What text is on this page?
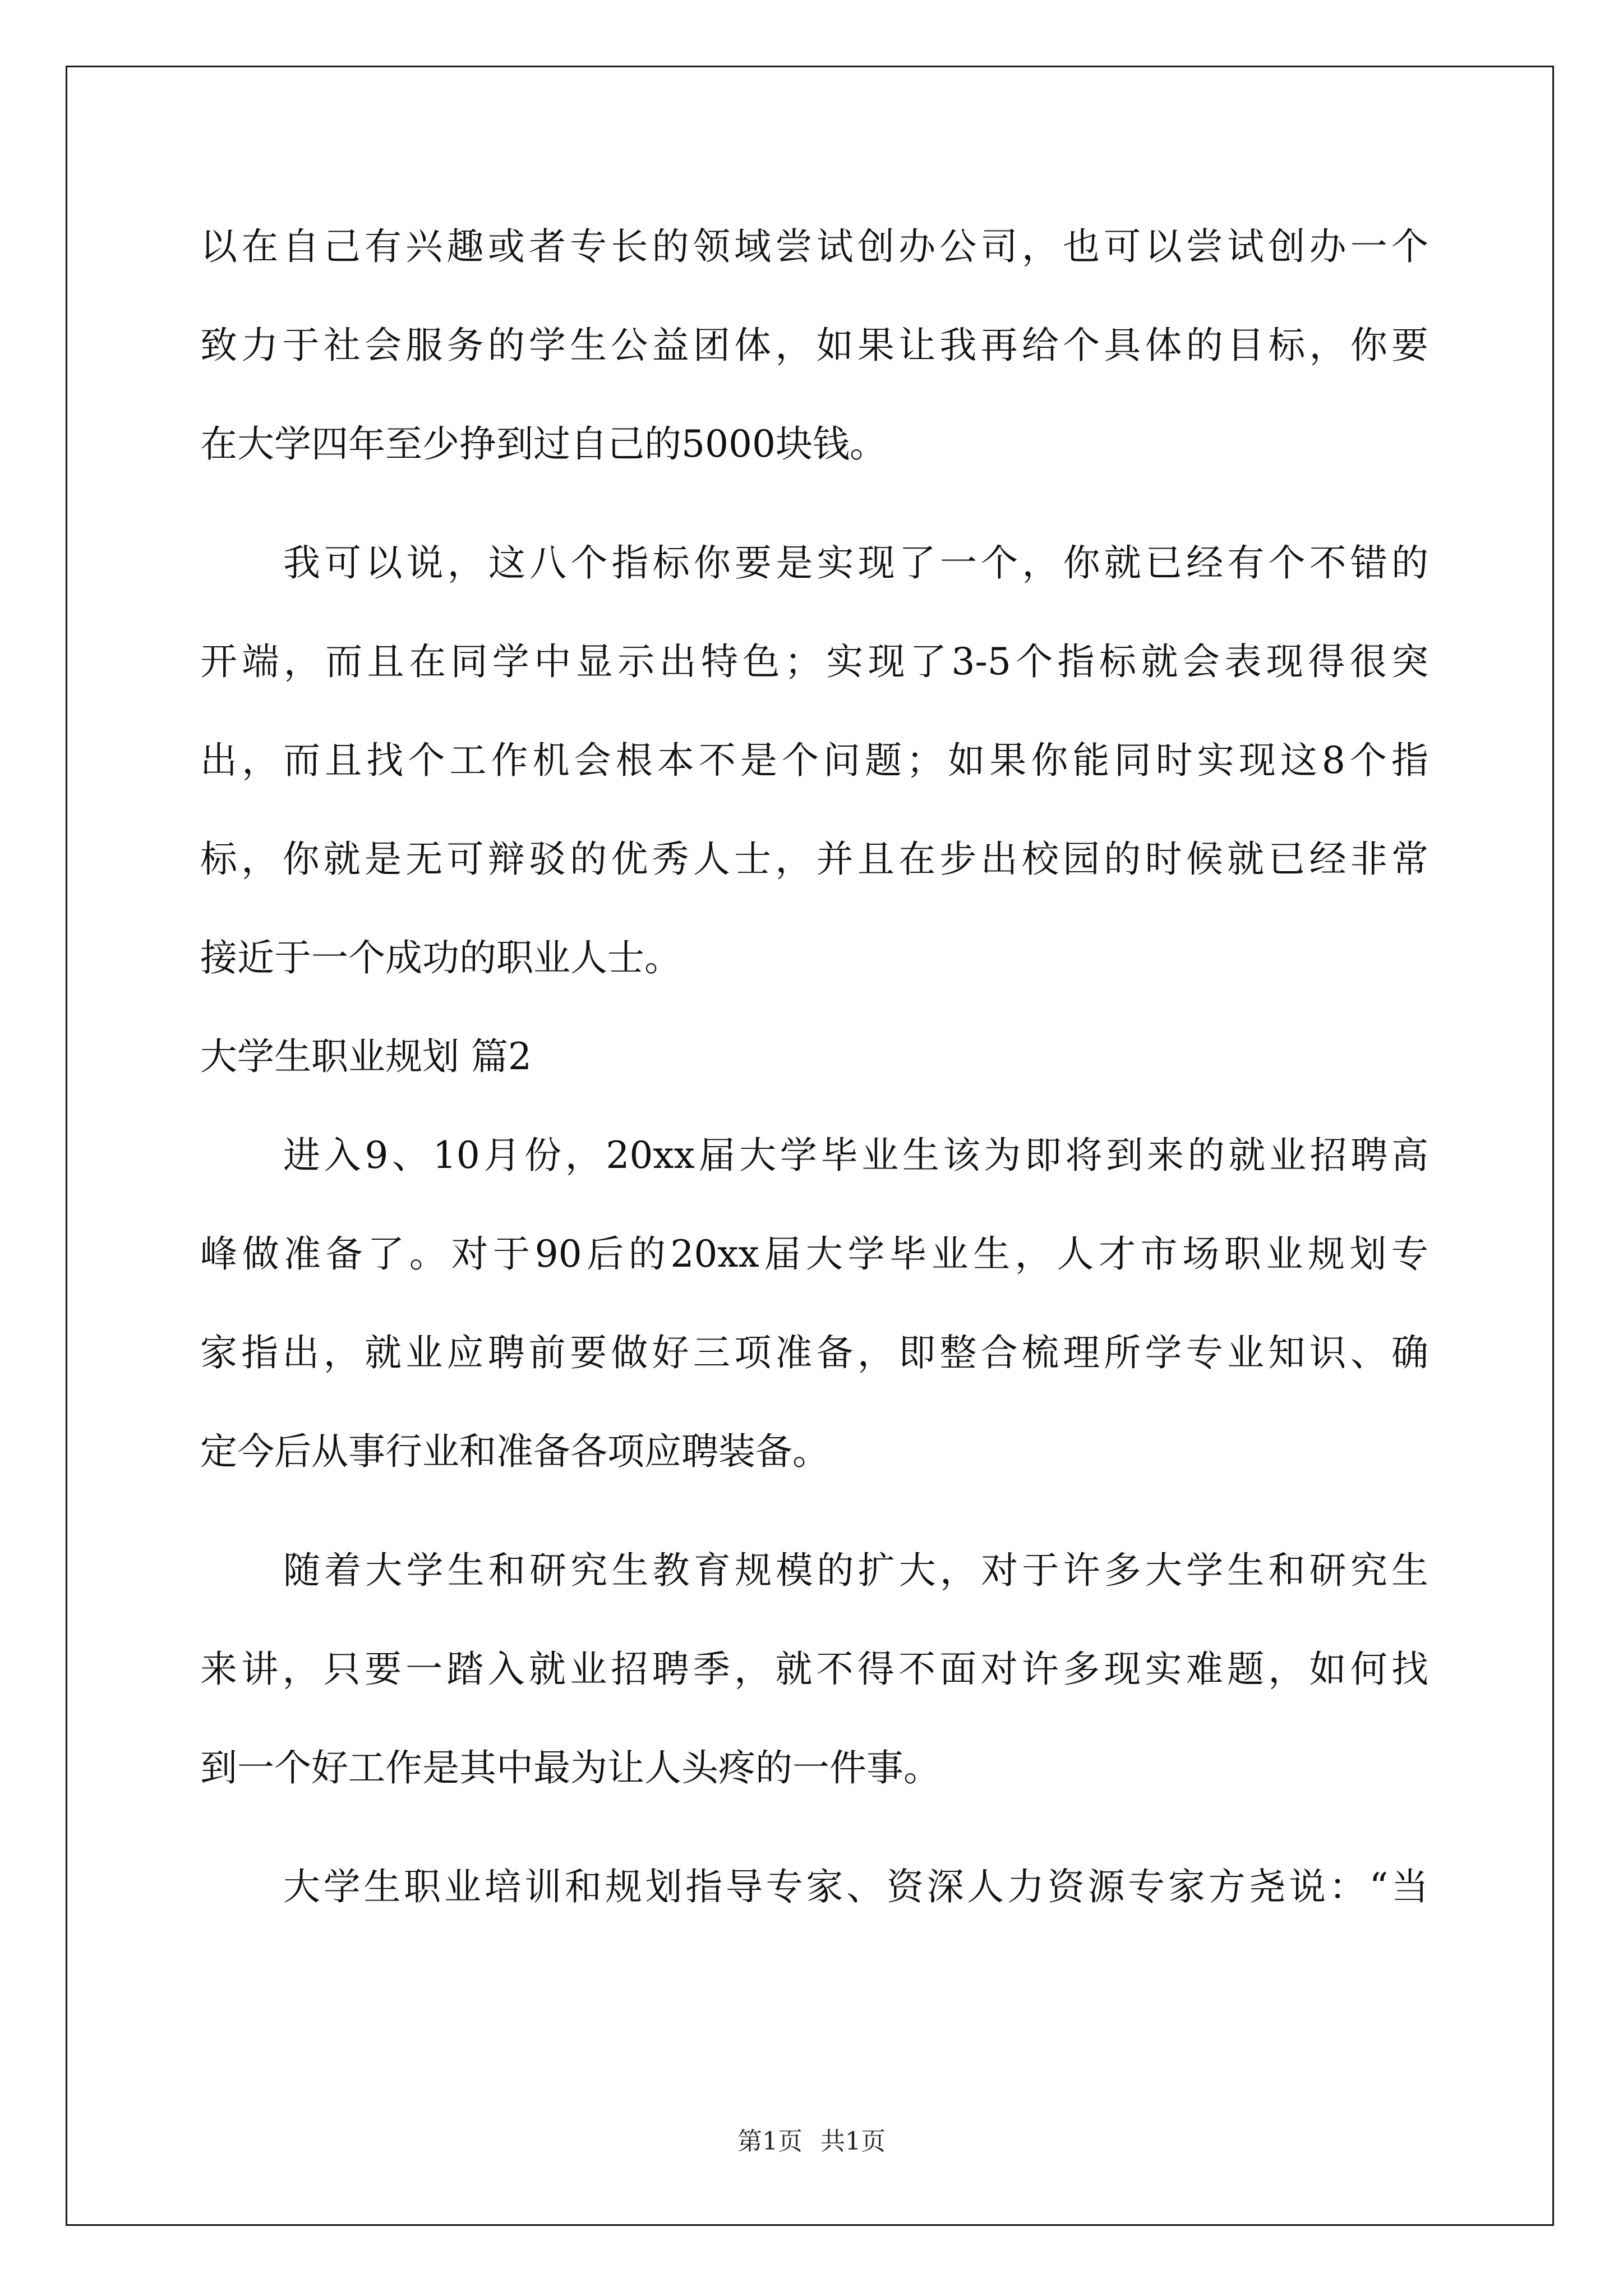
以在自己有兴趣或者专长的领域尝试创办公司，也可以尝试创办一个
致力于社会服务的学生公益团体，如果让我再给个具体的目标，你要
在大学四年至少挣到过自己的5000块钱。
我可以说，这八个指标你要是实现了一个，你就已经有个不错的
开端，而且在同学中显示出特色；实现了3-5个指标就会表现得很突
出，而且找个工作机会根本不是个问题；如果你能同时实现这8个指
标，你就是无可辩驳的优秀人士，并且在步出校园的时候就已经非常
接近于一个成功的职业人士。
大学生职业规划 篇2
进入9、10月份，20xx届大学毕业生该为即将到来的就业招聘高
峰做准备了。对于90后的20xx届大学毕业生，人才市场职业规划专
家指出，就业应聘前要做好三项准备，即整合梳理所学专业知识、确
定今后从事行业和准备各项应聘装备。
随着大学生和研究生教育规模的扩大，对于许多大学生和研究生
来讲，只要一踏入就业招聘季，就不得不面对许多现实难题，如何找
到一个好工作是其中最为让人头疼的一件事。
大学生职业培训和规划指导专家、资深人力资源专家方尧说：“当
第1页 共1页
